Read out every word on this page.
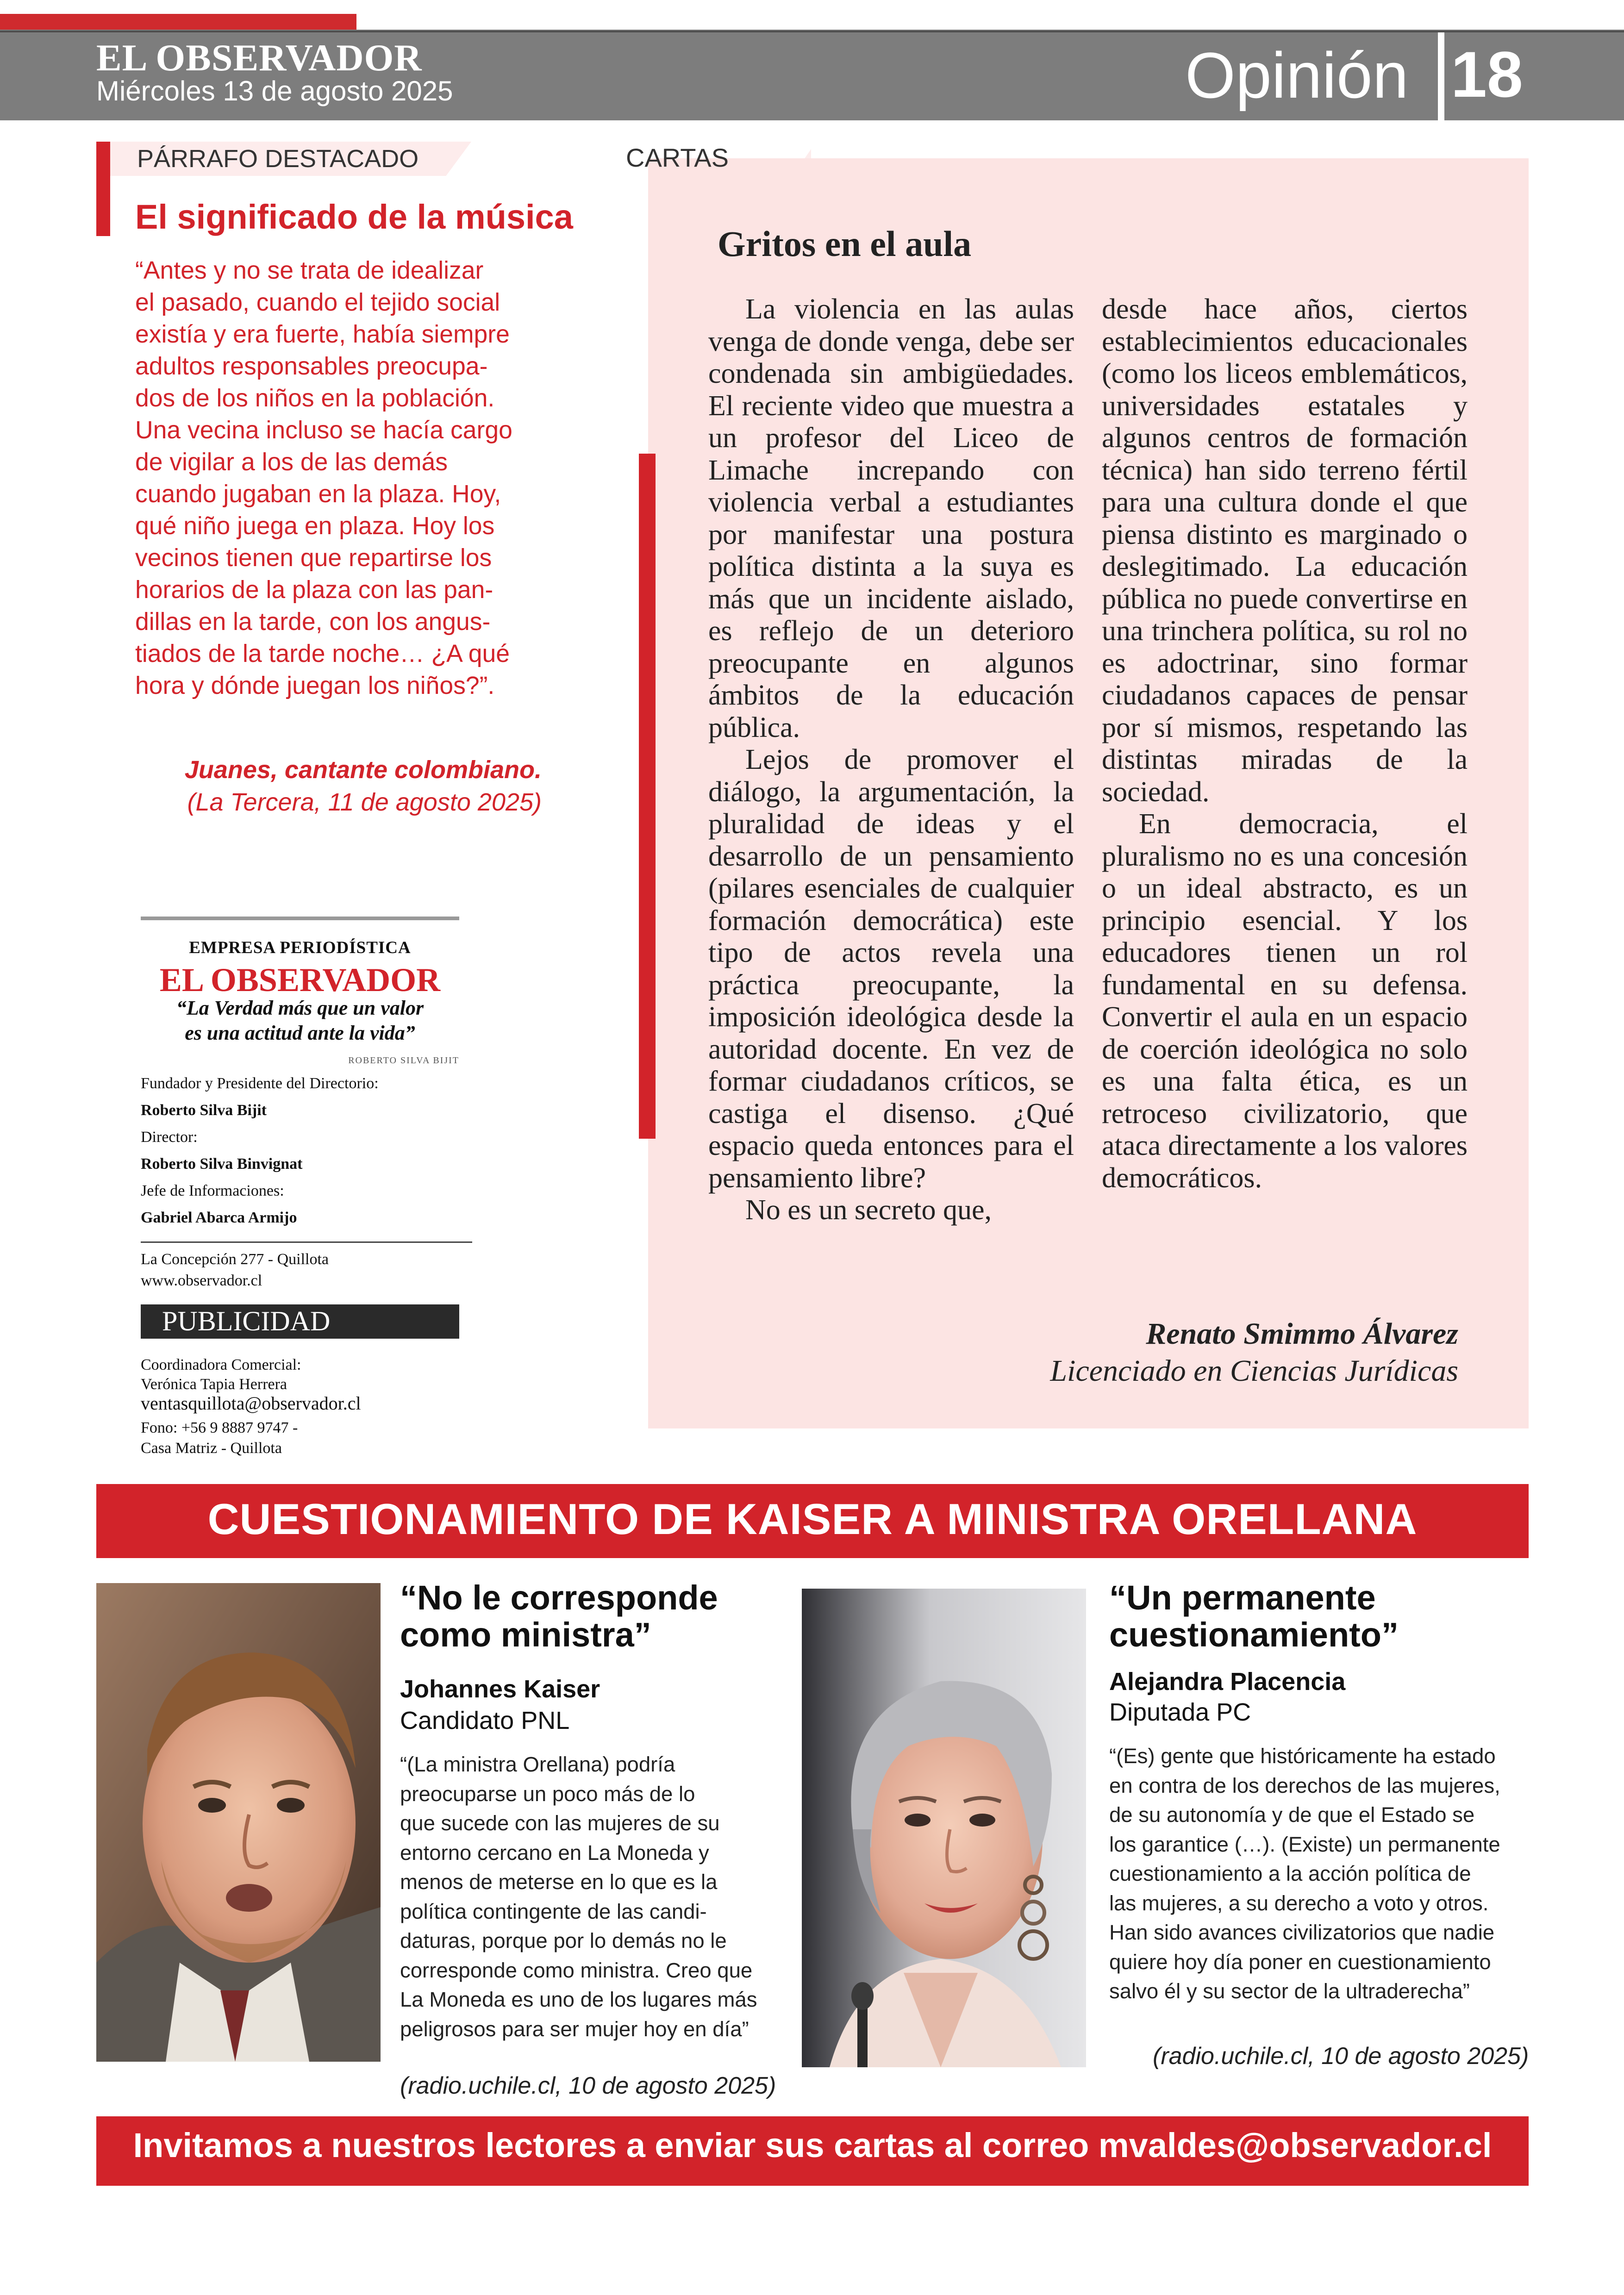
EL OBSERVADOR
Miércoles 13 de agosto 2025	Opinión 18
PÁRRAFO DESTACADO
El significado de la música
“Antes y no se trata de idealizar
el pasado, cuando el tejido social
existía y era fuerte, había siempre
adultos responsables preocupa-
dos de los niños en la población.
Una vecina incluso se hacía cargo
de vigilar a los de las demás
cuando jugaban en la plaza. Hoy,
qué niño juega en plaza. Hoy los
vecinos tienen que repartirse los
horarios de la plaza con las pan-
dillas en la tarde, con los angus-
tiados de la tarde noche… ¿A qué
hora y dónde juegan los niños?”.
Juanes, cantante colombiano.
(La Tercera, 11 de agosto 2025)
EMPRESA PERIODÍSTICA
EL OBSERVADOR
“La Verdad más que un valor
es una actitud ante la vida”
ROBERTO SILVA BIJIT
Fundador y Presidente del Directorio:
Roberto Silva Bijit
Director:
Roberto Silva Binvignat
Jefe de Informaciones:
Gabriel Abarca Armijo
La Concepción 277 - Quillota
www.observador.cl
PUBLICIDAD
Coordinadora Comercial:
Verónica Tapia Herrera
ventasquillota@observador.cl
Fono: +56 9 8887 9747 -
Casa Matriz - Quillota
CARTAS
Gritos en el aula

La violencia en las aulas venga de donde venga, debe ser condenada sin ambigüedades. El reciente video que muestra a un profesor del Liceo de Limache increpando con violencia verbal a estudiantes por manifestar una postura política distinta a la suya es más que un incidente aislado, es reflejo de un deterioro preocupante en algunos ámbitos de la educación pública.

Lejos de promover el diálogo, la argumentación, la pluralidad de ideas y el desarrollo de un pensamiento (pilares esenciales de cualquier formación democrática) este tipo de actos revela una práctica preocupante, la imposición ideológica desde la autoridad docente. En vez de formar ciudadanos críticos, se castiga el disenso. ¿Qué espacio queda entonces para el pensamiento libre?

No es un secreto que,

desde hace años, ciertos establecimientos educacionales (como los liceos emblemáticos, universidades estatales y algunos centros de formación técnica) han sido terreno fértil para una cultura donde el que piensa distinto es marginado o deslegitimado. La educación pública no puede convertirse en una trinchera política, su rol no es adoctrinar, sino formar ciudadanos capaces de pensar por sí mismos, respetando las distintas miradas de la sociedad.

En democracia, el pluralismo no es una concesión o un ideal abstracto, es un principio esencial. Y los educadores tienen un rol fundamental en su defensa. Convertir el aula en un espacio de coerción ideológica no solo es una falta ética, es un retroceso civilizatorio, que ataca directamente a los valores democráticos.

Renato Smimmo Álvarez
Licenciado en Ciencias Jurídicas
CUESTIONAMIENTO DE KAISER A MINISTRA ORELLANA
“No le corresponde
como ministra”
Johannes Kaiser
Candidato PNL
“(La ministra Orellana) podría
preocuparse un poco más de lo
que sucede con las mujeres de su
entorno cercano en La Moneda y
menos de meterse en lo que es la
política contingente de las candi-
daturas, porque por lo demás no le
corresponde como ministra. Creo que
La Moneda es uno de los lugares más
peligrosos para ser mujer hoy en día”
(radio.uchile.cl, 10 de agosto 2025)
“Un permanente
cuestionamiento”
Alejandra Placencia
Diputada PC
“(Es) gente que históricamente ha estado
en contra de los derechos de las mujeres,
de su autonomía y de que el Estado se
los garantice (…). (Existe) un permanente
cuestionamiento a la acción política de
las mujeres, a su derecho a voto y otros.
Han sido avances civilizatorios que nadie
quiere hoy día poner en cuestionamiento
salvo él y su sector de la ultraderecha”
(radio.uchile.cl, 10 de agosto 2025)
Invitamos a nuestros lectores a enviar sus cartas al correo mvaldes@observador.cl
